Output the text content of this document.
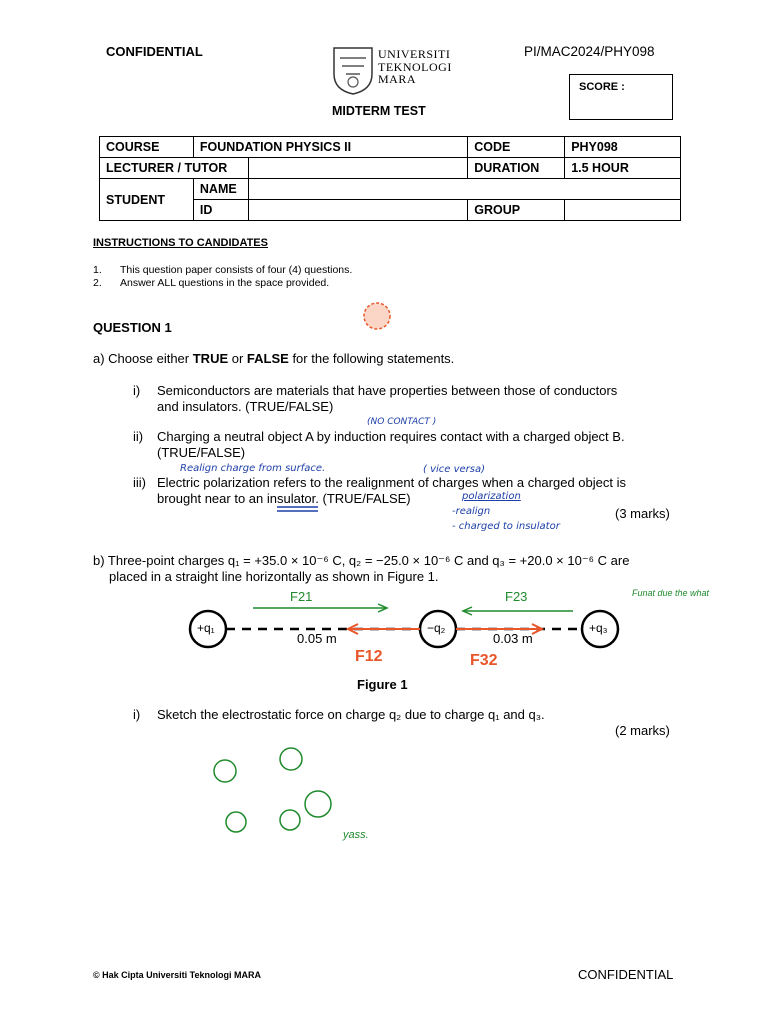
CONFIDENTIAL	PI/MAC2024/PHY098
UNIVERSITI
TEKNOLOGI
MARA
SCORE :
MIDTERM TEST
COURSE	FOUNDATION PHYSICS II		CODE	PHY098
LECTURER / TUTOR			DURATION	1.5 HOUR
STUDENT	NAME			
	ID		GROUP	
INSTRUCTIONS TO CANDIDATES
1. This question paper consists of four (4) questions.
2. Answer ALL questions in the space provided.
QUESTION 1
a) Choose either TRUE or FALSE for the following statements.
i) Semiconductors are materials that have properties between those of conductors
and insulators. (TRUE/FALSE)
ii) Charging a neutral object A by induction requires contact with a charged object B.
(TRUE/FALSE)
iii) Electric polarization refers to the realignment of charges when a charged object is
brought near to an insulator. (TRUE/FALSE)
(3 marks)
b) Three-point charges q₁ = +35.0 × 10⁻⁶ C, q₂ = −25.0 × 10⁻⁶ C and q₃ = +20.0 × 10⁻⁶ C are
placed in a straight line horizontally as shown in Figure 1.
+q₁	−q₂	+q₃
0.05 m	0.03 m
Figure 1
i) Sketch the electrostatic force on charge q₂ due to charge q₁ and q₃.
(2 marks)
(NO CONTACT )
Realign charge from surface.	( vice versa)
polarization
-realign
- charged to insulator
F21	F23
F12	F32
Funat due the what
yass.
© Hak Cipta Universiti Teknologi MARA	CONFIDENTIAL
